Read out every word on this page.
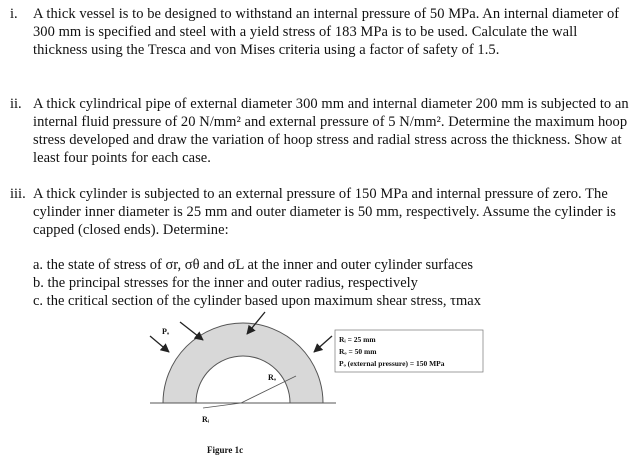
i. A thick vessel is to be designed to withstand an internal pressure of 50 MPa. An internal diameter of 300 mm is specified and steel with a yield stress of 183 MPa is to be used. Calculate the wall thickness using the Tresca and von Mises criteria using a factor of safety of 1.5.
ii. A thick cylindrical pipe of external diameter 300 mm and internal diameter 200 mm is subjected to an internal fluid pressure of 20 N/mm² and external pressure of 5 N/mm². Determine the maximum hoop stress developed and draw the variation of hoop stress and radial stress across the thickness. Show at least four points for each case.
iii. A thick cylinder is subjected to an external pressure of 150 MPa and internal pressure of zero. The cylinder inner diameter is 25 mm and outer diameter is 50 mm, respectively. Assume the cylinder is capped (closed ends). Determine:
a. the state of stress of σr, σθ and σL at the inner and outer cylinder surfaces
b. the principal stresses for the inner and outer radius, respectively
c. the critical section of the cylinder based upon maximum shear stress, τmax
Pₒ
Rₒ
Rᵢ
Figure 1c
Rᵢ = 25 mm
Rₒ = 50 mm
Pₒ (external pressure) = 150 MPa
